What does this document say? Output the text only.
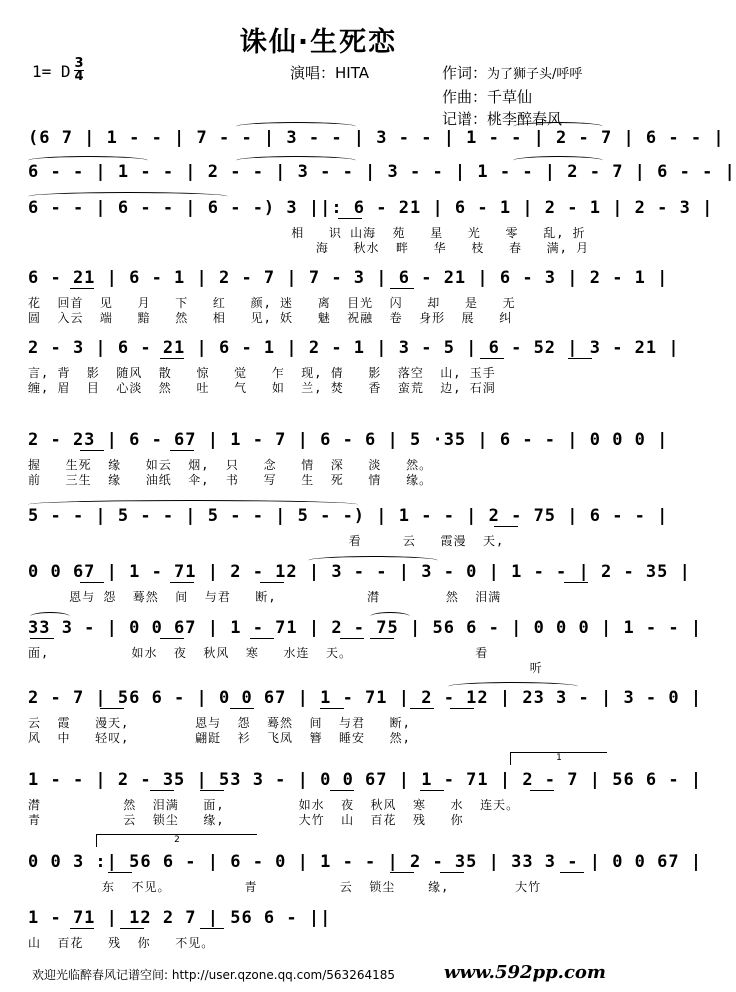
诛仙·生死恋
1= D 3
4	演唱：HITA	作词：为了狮子头/呼呼
作曲：千草仙
记谱：桃李醉春风
(6 7 | 1 - - | 7 - - | 3 - - | 3 - - | 1 - - | 2 - 7 | 6 - - |
6 - - | 1 - - | 2 - - | 3 - - | 3 - - | 1 - - | 2 - 7 | 6 - - |
6 - - | 6 - - | 6 - -) 3 ||: 6 - 21 | 6 - 1 | 2 - 1 | 2 - 3 |
相   识 山海  苑   星   光   零   乱, 折
海   秋水  畔   华   枝   春   满, 月
6 - 21 | 6 - 1 | 2 - 7 | 7 - 3 | 6 - 21 | 6 - 3 | 2 - 1 |
花  回首  见   月   下   红   颜, 迷   离  目光  闪   却   是   无
圆  入云  端   黯   然   相   见, 妖   魅  祝融  卷  身形  展   纠
2 - 3 | 6 - 21 | 6 - 1 | 2 - 1 | 3 - 5 | 6 - 52 | 3 - 21 |
言, 背  影  随风  散   惊   觉   乍  现, 倩   影  落空  山, 玉手
缠, 眉  目  心淡  然   吐   气   如  兰, 焚   香  蛮荒  边, 石洞
2 - 23 | 6 - 67 | 1 - 7 | 6 - 6 | 5 ·35 | 6 - - | 0 0 0 |
握   生死  缘   如云  烟,  只   念   情  深   淡   然。
前   三生  缘   油纸  伞,  书   写   生  死   情   缘。
5 - - | 5 - - | 5 - - | 5 - -) | 1 - - | 2 - 75 | 6 - - |
看     云   霞漫  天,
0 0 67 | 1 - 71 | 2 - 12 | 3 - - | 3 - 0 | 1 - - | 2 - 35 |
恩与 怨  蓦然  间  与君   断,           潸        然  泪满
33 3 - | 0 0 67 | 1 - 71 | 2 - 75 | 56 6 - | 0 0 0 | 1 - - |
面,          如水  夜  秋风  寒   水连  天。               看
听
2 - 7 | 56 6 - | 0 0 67 | 1 - 71 | 2 - 12 | 23 3 - | 3 - 0 |
云  霞   漫天,        恩与  怨  蓦然  间  与君   断,
风  中   轻叹,        翩跹  衫  飞凤  簪  睡安   然,
1 - - | 2 - 35 | 53 3 - | 0 0 67 | 1 - 71 | 2 - 7 | 56 6 - |
1
潸          然  泪满   面,         如水  夜  秋风  寒   水  连天。
青          云  锁尘   缘,         大竹  山  百花  残   你
0 0 3 :| 56 6 - | 6 - 0 | 1 - - | 2 - 35 | 33 3 - | 0 0 67 |
2
东  不见。         青          云  锁尘    缘,        大竹
1 - 71 | 12 2 7 | 56 6 - ||
山  百花   残  你   不见。
欢迎光临醉春风记谱空间: http://user.qzone.qq.com/563264185	www.592pp.com
